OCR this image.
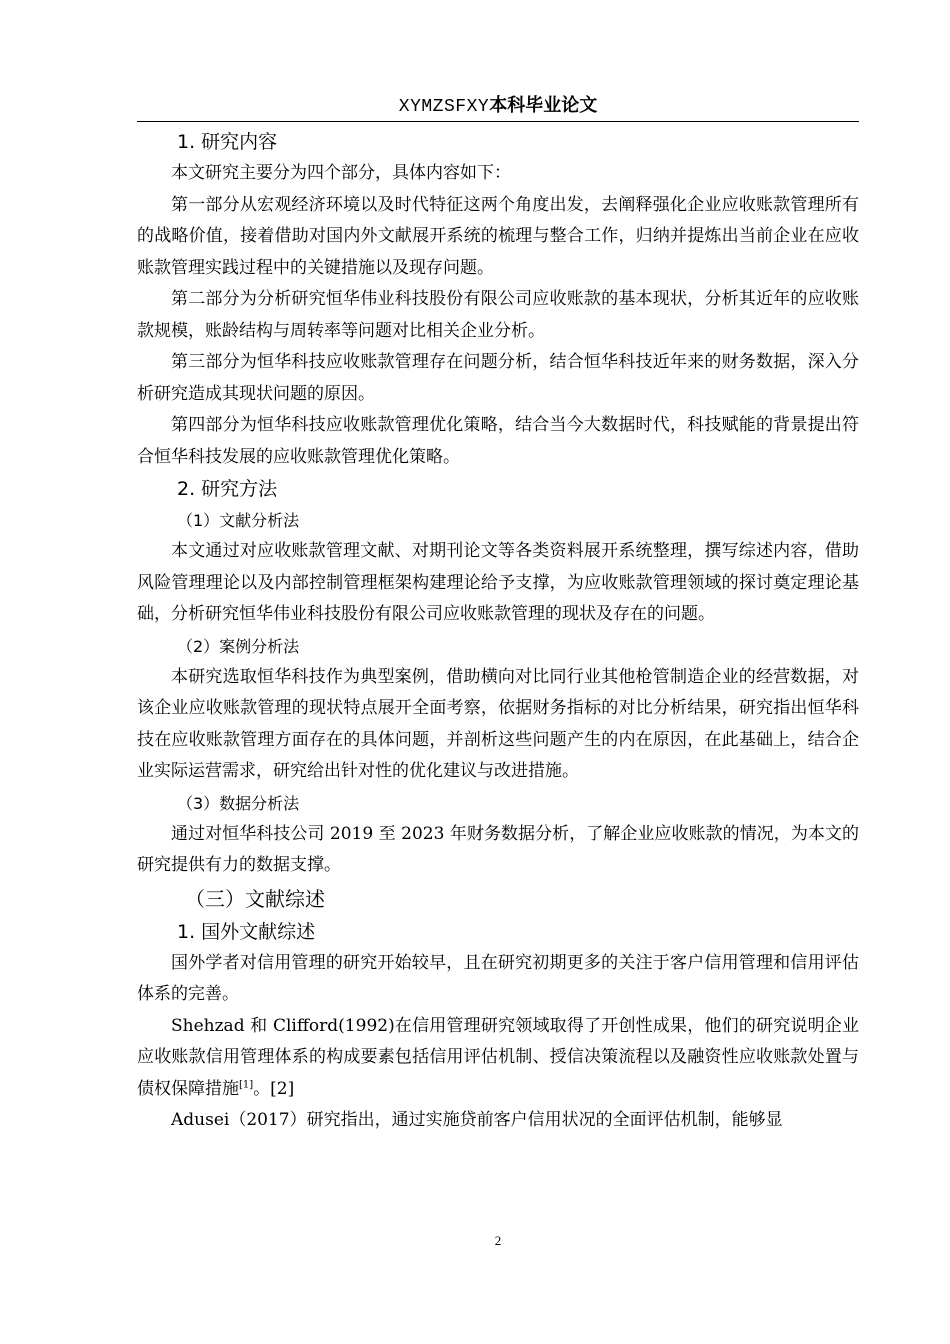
XYMZSFXY本科毕业论文

1. 研究内容

本文研究主要分为四个部分，具体内容如下：

第一部分从宏观经济环境以及时代特征这两个角度出发，去阐释强化企业应收账款管理所有的战略价值，接着借助对国内外文献展开系统的梳理与整合工作，归纳并提炼出当前企业在应收账款管理实践过程中的关键措施以及现存问题。

第二部分为分析研究恒华伟业科技股份有限公司应收账款的基本现状，分析其近年的应收账款规模，账龄结构与周转率等问题对比相关企业分析。

第三部分为恒华科技应收账款管理存在问题分析，结合恒华科技近年来的财务数据，深入分析研究造成其现状问题的原因。

第四部分为恒华科技应收账款管理优化策略，结合当今大数据时代，科技赋能的背景提出符合恒华科技发展的应收账款管理优化策略。

2. 研究方法

（1）文献分析法

本文通过对应收账款管理文献、对期刊论文等各类资料展开系统整理，撰写综述内容，借助风险管理理论以及内部控制管理框架构建理论给予支撑，为应收账款管理领域的探讨奠定理论基础，分析研究恒华伟业科技股份有限公司应收账款管理的现状及存在的问题。

（2）案例分析法

本研究选取恒华科技作为典型案例，借助横向对比同行业其他枪管制造企业的经营数据，对该企业应收账款管理的现状特点展开全面考察，依据财务指标的对比分析结果，研究指出恒华科技在应收账款管理方面存在的具体问题，并剖析这些问题产生的内在原因，在此基础上，结合企业实际运营需求，研究给出针对性的优化建议与改进措施。

（3）数据分析法

通过对恒华科技公司 2019 至 2023 年财务数据分析，了解企业应收账款的情况，为本文的研究提供有力的数据支撑。

（三）文献综述

1. 国外文献综述

国外学者对信用管理的研究开始较早，且在研究初期更多的关注于客户信用管理和信用评估体系的完善。

Shehzad 和 Clifford(1992)在信用管理研究领域取得了开创性成果，他们的研究说明企业应收账款信用管理体系的构成要素包括信用评估机制、授信决策流程以及融资性应收账款处置与债权保障措施[1]。[2]

Adusei（2017）研究指出，通过实施贷前客户信用状况的全面评估机制，能够显

2
